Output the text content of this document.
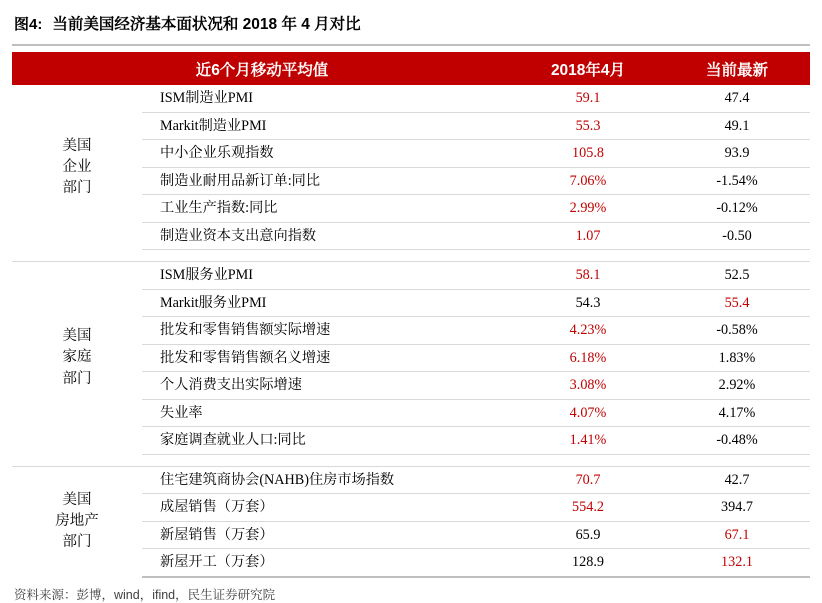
图4: 当前美国经济基本面状况和 2018 年 4 月对比
近6个月移动平均值		2018年4月	当前最新

美国
企业
部门	ISM制造业PMI	59.1	47.4
	Markit制造业PMI	55.3	49.1
	中小企业乐观指数	105.8	93.9
	制造业耐用品新订单:同比	7.06%	-1.54%
	工业生产指数:同比	2.99%	-0.12%
	制造业资本支出意向指数	1.07	-0.50

美国
家庭
部门	ISM服务业PMI	58.1	52.5
	Markit服务业PMI	54.3	55.4
	批发和零售销售额实际增速	4.23%	-0.58%
	批发和零售销售额名义增速	6.18%	1.83%
	个人消费支出实际增速	3.08%	2.92%
	失业率	4.07%	4.17%
	家庭调查就业人口:同比	1.41%	-0.48%

美国
房地产
部门	住宅建筑商协会(NAHB)住房市场指数	70.7	42.7
	成屋销售（万套）	554.2	394.7
	新屋销售（万套）	65.9	67.1
	新屋开工（万套）	128.9	132.1
资料来源：彭博，wind，ifind，民生证券研究院
